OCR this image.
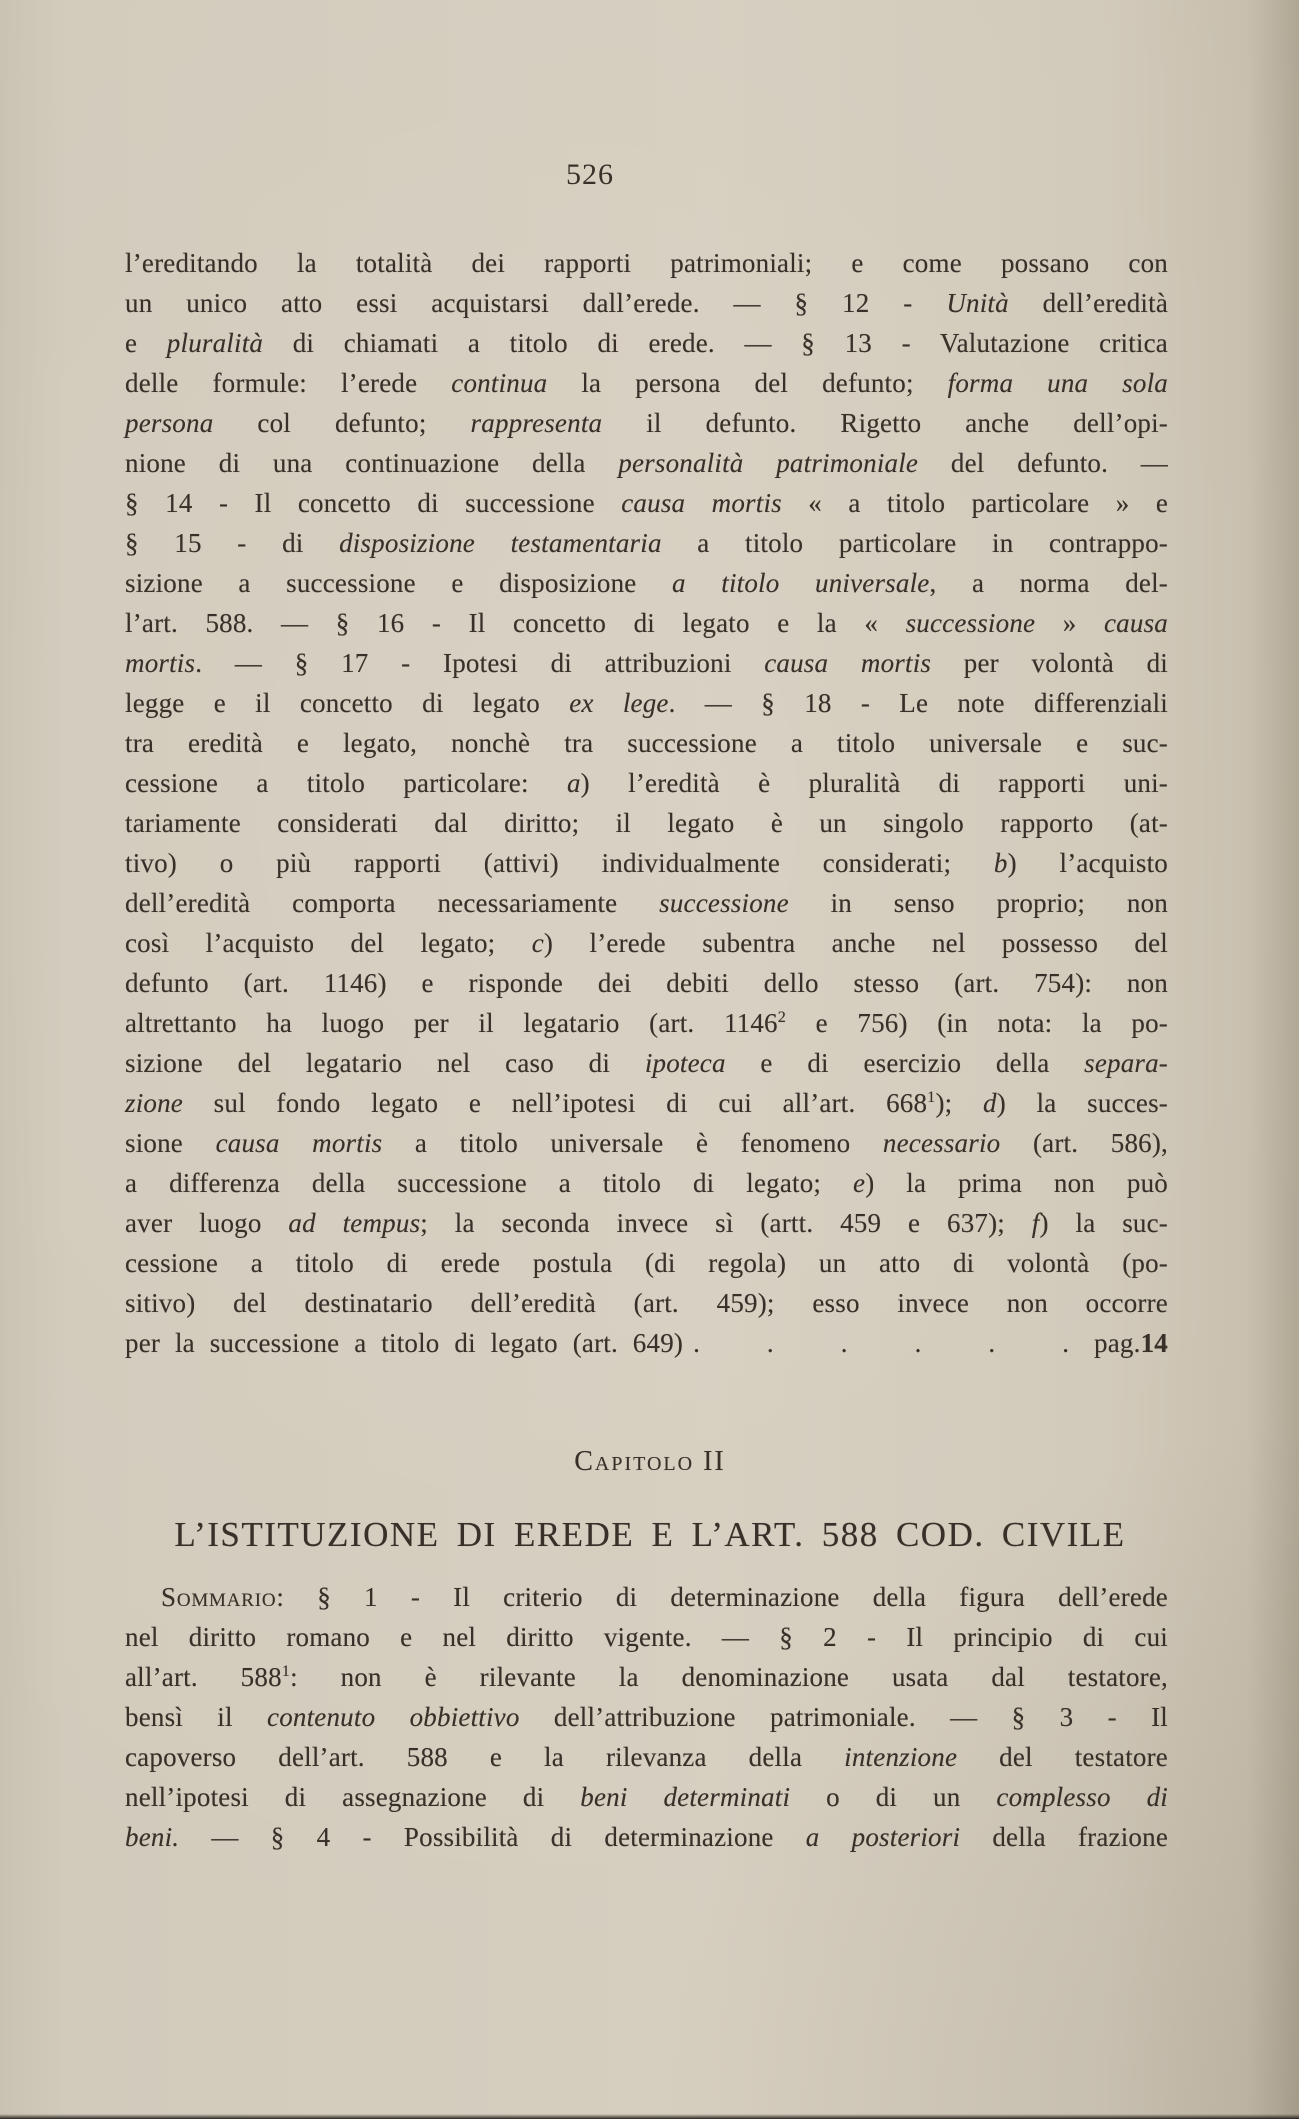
526
l’ereditando la totalità dei rapporti patrimoniali; e come possano con
un unico atto essi acquistarsi dall’erede. — § 12 - Unità dell’eredità
e pluralità di chiamati a titolo di erede. — § 13 - Valutazione critica
delle formule: l’erede continua la persona del defunto; forma una sola
persona col defunto; rappresenta il defunto. Rigetto anche dell’opi-
nione di una continuazione della personalità patrimoniale del defunto. —
§ 14 - Il concetto di successione causa mortis « a titolo particolare » e
§ 15 - di disposizione testamentaria a titolo particolare in contrappo-
sizione a successione e disposizione a titolo universale, a norma del-
l’art. 588. — § 16 - Il concetto di legato e la « successione » causa
mortis. — § 17 - Ipotesi di attribuzioni causa mortis per volontà di
legge e il concetto di legato ex lege. — § 18 - Le note differenziali
tra eredità e legato, nonchè tra successione a titolo universale e suc-
cessione a titolo particolare: a) l’eredità è pluralità di rapporti uni-
tariamente considerati dal diritto; il legato è un singolo rapporto (at-
tivo) o più rapporti (attivi) individualmente considerati; b) l’acquisto
dell’eredità comporta necessariamente successione in senso proprio; non
così l’acquisto del legato; c) l’erede subentra anche nel possesso del
defunto (art. 1146) e risponde dei debiti dello stesso (art. 754): non
altrettanto ha luogo per il legatario (art. 1146$^2$ e 756) (in nota: la po-
sizione del legatario nel caso di ipoteca e di esercizio della separa-
zione sul fondo legato e nell’ipotesi di cui all’art. $668^1$); d) la succes-
sione causa mortis a titolo universale è fenomeno necessario (art. 586),
a differenza della successione a titolo di legato; e) la prima non può
aver luogo ad tempus; la seconda invece sì (artt. 459 e 637); f) la suc-
cessione a titolo di erede postula (di regola) un atto di volontà (po-
sitivo) del destinatario dell’eredità (art. 459); esso invece non occorre
per la successione a titolo di legato (art. 649) . . . . . . pag.14
Capitolo II
L’ISTITUZIONE DI EREDE E L’ART. 588 COD. CIVILE
Sommario: § 1 - Il criterio di determinazione della figura dell’erede
nel diritto romano e nel diritto vigente. — § 2 - Il principio di cui
all’art. $588^1$: non è rilevante la denominazione usata dal testatore,
bensì il contenuto obbiettivo dell’attribuzione patrimoniale. — § 3 - Il
capoverso dell’art. 588 e la rilevanza della intenzione del testatore
nell’ipotesi di assegnazione di beni determinati o di un complesso di
beni. — § 4 - Possibilità di determinazione a posteriori della frazione
